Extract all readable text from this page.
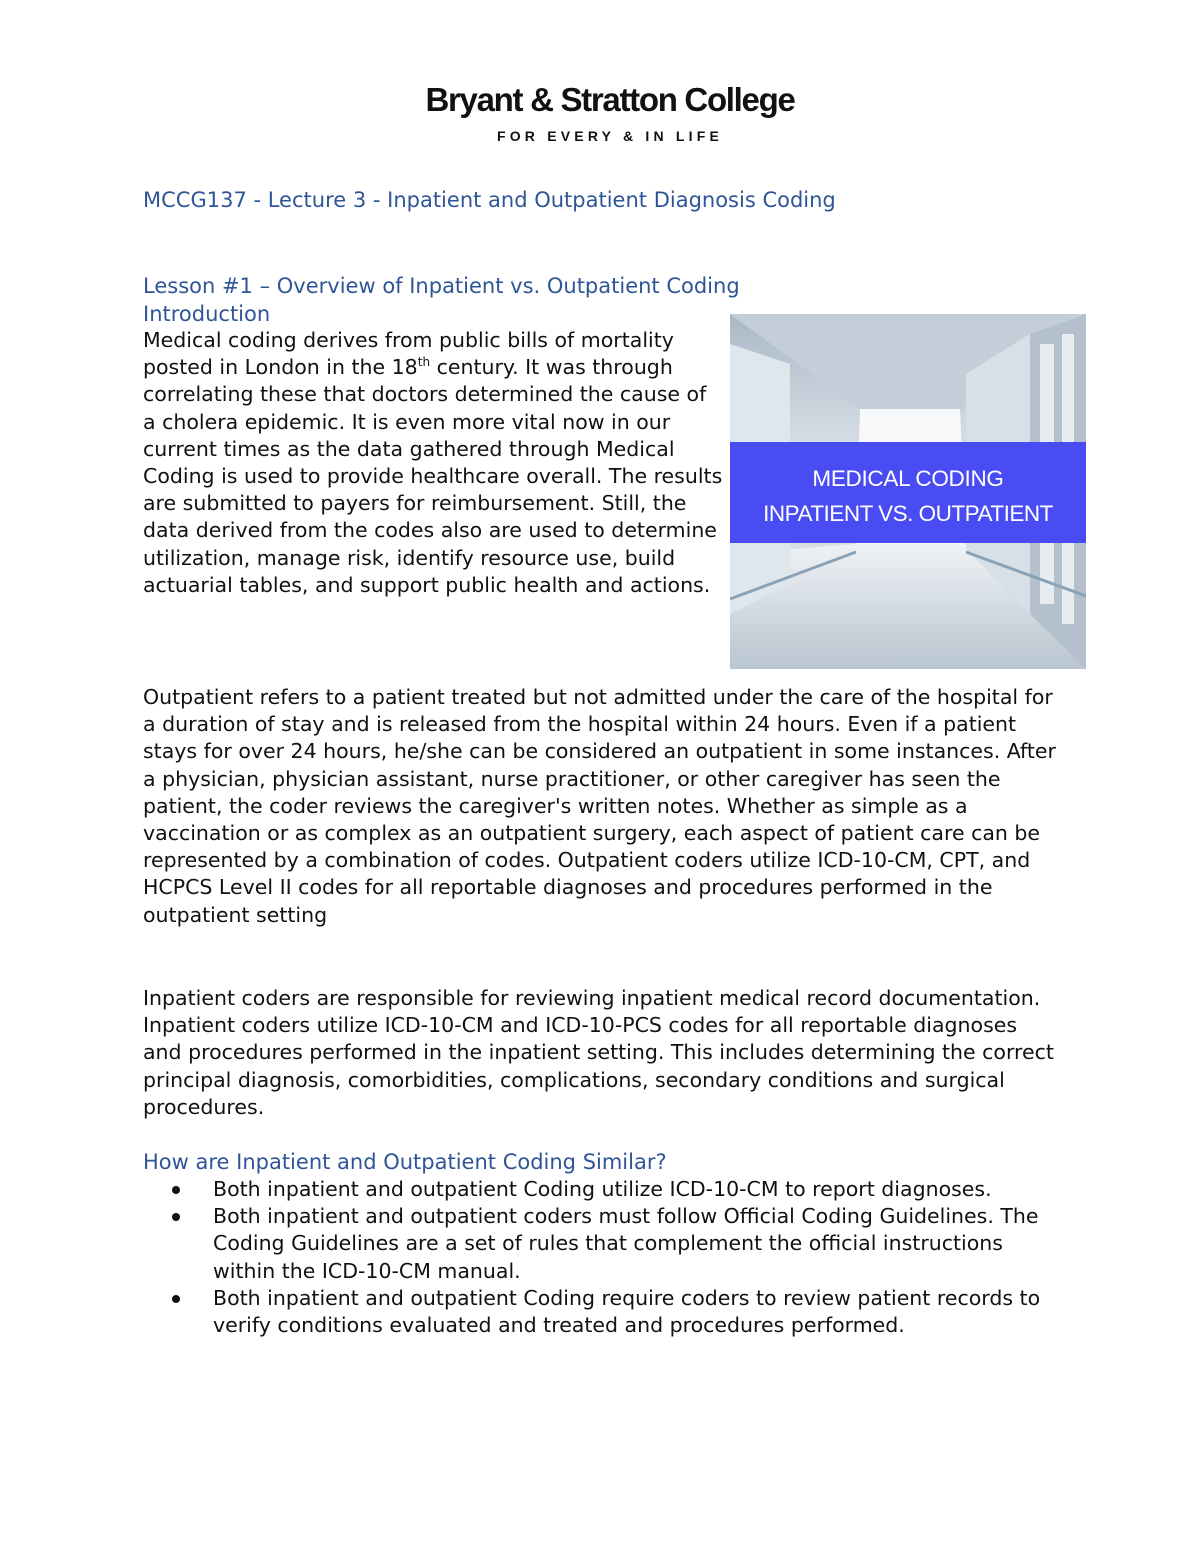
Bryant & Stratton College
FOR EVERY & IN LIFE
MCCG137 - Lecture 3 - Inpatient and Outpatient Diagnosis Coding
Lesson #1 – Overview of Inpatient vs. Outpatient Coding
Introduction

Medical coding derives from public bills of mortality posted in London in the 18th century. It was through correlating these that doctors determined the cause of a cholera epidemic. It is even more vital now in our current times as the data gathered through Medical Coding is used to provide healthcare overall. The results are submitted to payers for reimbursement. Still, the data derived from the codes also are used to determine utilization, manage risk, identify resource use, build actuarial tables, and support public health and actions.

MEDICAL CODING
INPATIENT VS. OUTPATIENT

Outpatient refers to a patient treated but not admitted under the care of the hospital for a duration of stay and is released from the hospital within 24 hours. Even if a patient stays for over 24 hours, he/she can be considered an outpatient in some instances. After a physician, physician assistant, nurse practitioner, or other caregiver has seen the patient, the coder reviews the caregiver's written notes. Whether as simple as a vaccination or as complex as an outpatient surgery, each aspect of patient care can be represented by a combination of codes. Outpatient coders utilize ICD-10-CM, CPT, and HCPCS Level II codes for all reportable diagnoses and procedures performed in the outpatient setting

Inpatient coders are responsible for reviewing inpatient medical record documentation. Inpatient coders utilize ICD-10-CM and ICD-10-PCS codes for all reportable diagnoses and procedures performed in the inpatient setting. This includes determining the correct principal diagnosis, comorbidities, complications, secondary conditions and surgical procedures.

How are Inpatient and Outpatient Coding Similar?
Both inpatient and outpatient Coding utilize ICD-10-CM to report diagnoses.
Both inpatient and outpatient coders must follow Official Coding Guidelines. The Coding Guidelines are a set of rules that complement the official instructions within the ICD-10-CM manual.
Both inpatient and outpatient Coding require coders to review patient records to verify conditions evaluated and treated and procedures performed.
